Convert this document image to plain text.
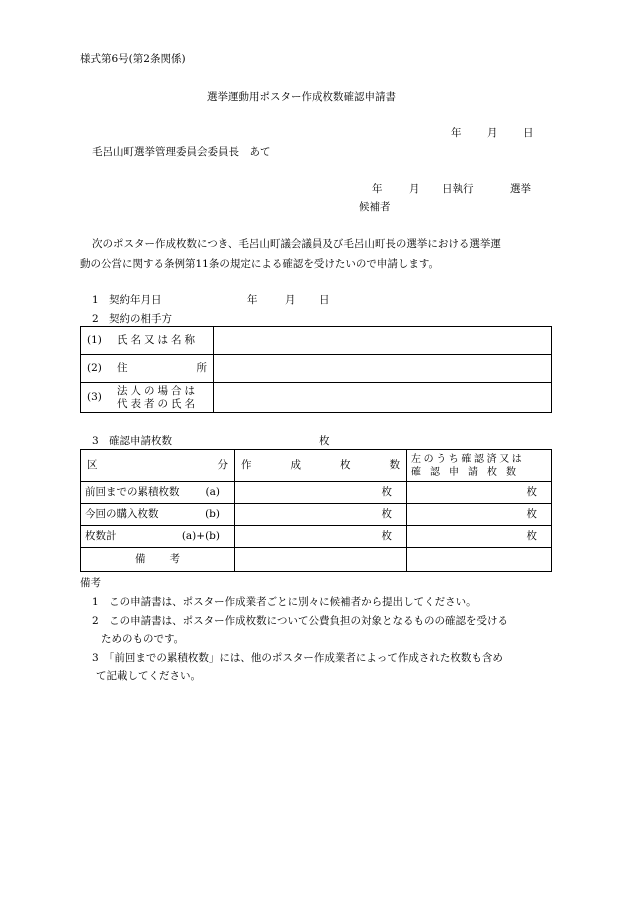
様式第6号(第2条関係)
選挙運動用ポスター作成枚数確認申請書
年 月 日
毛呂山町選挙管理委員会委員長　あて
年	月 日執行	選挙
候補者
次のポスター作成枚数につき、毛呂山町議会議員及び毛呂山町長の選挙における選挙運
動の公営に関する条例第11条の規定による確認を受けたいので申請します。
1 契約年月日	年	月 日
2 契約の相手方
(1) 氏名又は名称	

(2) 住 所	

(3)
法人の場合は
代表者の氏名	

3 確認申請枚数	枚
区 分	作 成 枚 数	左のうち確認済又は
確認申請枚数

前回までの累積枚数 (a)	枚	枚

今回の購入枚数 (b)	枚	枚

枚数計 (a)+(b)	枚	枚

備 考		

備考
1　この申請書は、ポスター作成業者ごとに別々に候補者から提出してください。
2　この申請書は、ポスター作成枚数について公費負担の対象となるものの確認を受ける
ためのものです。
3　「前回までの累積枚数」には、他のポスター作成業者によって作成された枚数も含め
て記載してください。
